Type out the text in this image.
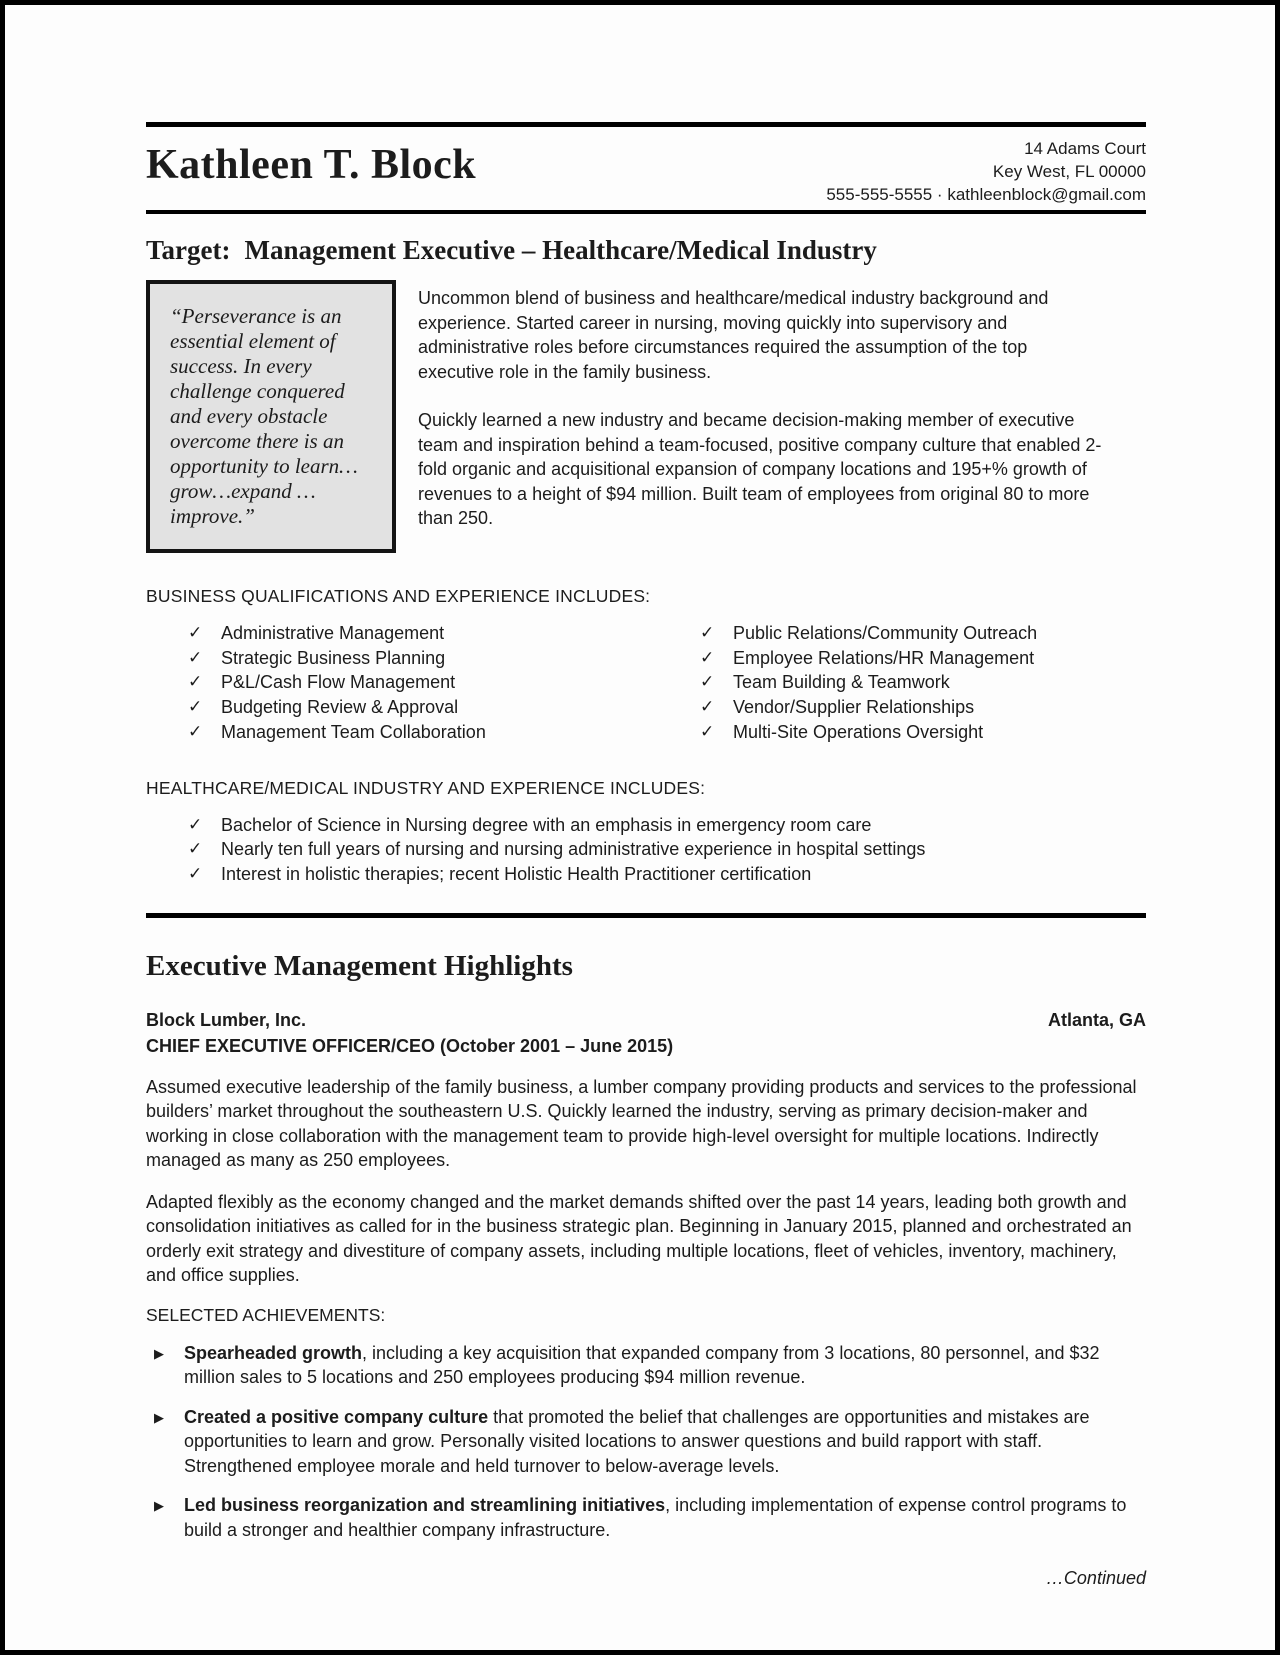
Kathleen T. Block	14 Adams Court
Key West, FL 00000
555-555-5555 · kathleenblock@gmail.com
Target: Management Executive – Healthcare/Medical Industry
“Perseverance is an essential element of success. In every challenge conquered and every obstacle overcome there is an opportunity to learn…grow…expand …improve.”

Uncommon blend of business and healthcare/medical industry background and experience. Started career in nursing, moving quickly into supervisory and administrative roles before circumstances required the assumption of the top executive role in the family business.

Quickly learned a new industry and became decision-making member of executive team and inspiration behind a team-focused, positive company culture that enabled 2-fold organic and acquisitional expansion of company locations and 195+% growth of revenues to a height of $94 million. Built team of employees from original 80 to more than 250.

BUSINESS QUALIFICATIONS AND EXPERIENCE INCLUDES:
✓	Administrative Management
✓	Strategic Business Planning
✓	P&L/Cash Flow Management
✓	Budgeting Review & Approval
✓	Management Team Collaboration
✓	Public Relations/Community Outreach
✓	Employee Relations/HR Management
✓	Team Building & Teamwork
✓	Vendor/Supplier Relationships
✓	Multi-Site Operations Oversight
HEALTHCARE/MEDICAL INDUSTRY AND EXPERIENCE INCLUDES:
✓	Bachelor of Science in Nursing degree with an emphasis in emergency room care
✓	Nearly ten full years of nursing and nursing administrative experience in hospital settings
✓	Interest in holistic therapies; recent Holistic Health Practitioner certification
Executive Management Highlights
Block Lumber, Inc.	Atlanta, GA
CHIEF EXECUTIVE OFFICER/CEO (October 2001 – June 2015)

Assumed executive leadership of the family business, a lumber company providing products and services to the professional builders’ market throughout the southeastern U.S. Quickly learned the industry, serving as primary decision-maker and working in close collaboration with the management team to provide high-level oversight for multiple locations. Indirectly managed as many as 250 employees.

Adapted flexibly as the economy changed and the market demands shifted over the past 14 years, leading both growth and consolidation initiatives as called for in the business strategic plan. Beginning in January 2015, planned and orchestrated an orderly exit strategy and divestiture of company assets, including multiple locations, fleet of vehicles, inventory, machinery, and office supplies.

SELECTED ACHIEVEMENTS:
▶	Spearheaded growth, including a key acquisition that expanded company from 3 locations, 80 personnel, and $32 million sales to 5 locations and 250 employees producing $94 million revenue.
▶	Created a positive company culture that promoted the belief that challenges are opportunities and mistakes are opportunities to learn and grow. Personally visited locations to answer questions and build rapport with staff. Strengthened employee morale and held turnover to below-average levels.
▶	Led business reorganization and streamlining initiatives, including implementation of expense control programs to build a stronger and healthier company infrastructure.
…Continued
